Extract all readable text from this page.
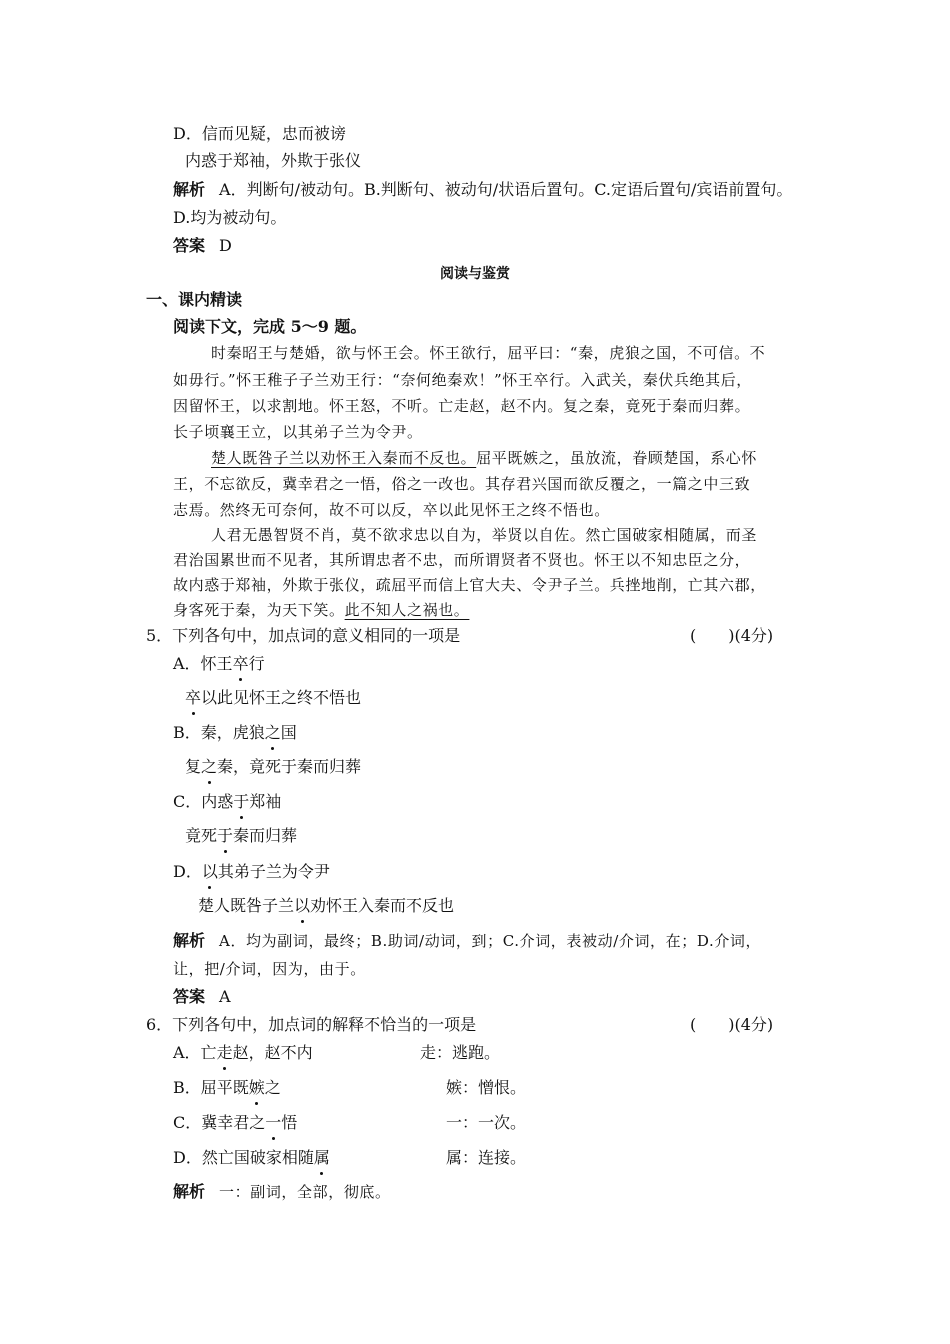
D．信而见疑，忠而被谤
内惑于郑袖，外欺于张仪
解析 A．判断句/被动句。B.判断句、被动句/状语后置句。C.定语后置句/宾语前置句。
D.均为被动句。
答案 D
阅读与鉴赏
一、课内精读
阅读下文，完成 5～9 题。
时秦昭王与楚婚，欲与怀王会。怀王欲行，屈平曰：“秦，虎狼之国，不可信。不
如毋行。”怀王稚子子兰劝王行：“奈何绝秦欢！”怀王卒行。入武关，秦伏兵绝其后，
因留怀王，以求割地。怀王怒，不听。亡走赵，赵不内。复之秦，竟死于秦而归葬。
长子顷襄王立，以其弟子兰为令尹。
楚人既咎子兰以劝怀王入秦而不反也。屈平既嫉之，虽放流，眷顾楚国，系心怀
王，不忘欲反，冀幸君之一悟，俗之一改也。其存君兴国而欲反覆之，一篇之中三致
志焉。然终无可奈何，故不可以反，卒以此见怀王之终不悟也。
人君无愚智贤不肖，莫不欲求忠以自为，举贤以自佐。然亡国破家相随属，而圣
君治国累世而不见者，其所谓忠者不忠，而所谓贤者不贤也。怀王以不知忠臣之分，
故内惑于郑袖，外欺于张仪，疏屈平而信上官大夫、令尹子兰。兵挫地削，亡其六郡，
身客死于秦，为天下笑。此不知人之祸也。
5．下列各句中，加点词的意义相同的一项是	(　　)(4分)
A．怀王卒行
卒以此见怀王之终不悟也
B．秦，虎狼之国
复之秦，竟死于秦而归葬
C．内惑于郑袖
竟死于秦而归葬
D．以其弟子兰为令尹
楚人既咎子兰以劝怀王入秦而不反也
解析 A．均为副词，最终；B.助词/动词，到；C.介词，表被动/介词，在；D.介词，
让，把/介词，因为，由于。
答案 A
6．下列各句中，加点词的解释不恰当的一项是	(　　)(4分)
A．亡走赵，赵不内	走：逃跑。
B．屈平既嫉之	嫉：憎恨。
C．冀幸君之一悟	一：一次。
D．然亡国破家相随属	属：连接。
解析 一：副词，全部，彻底。
